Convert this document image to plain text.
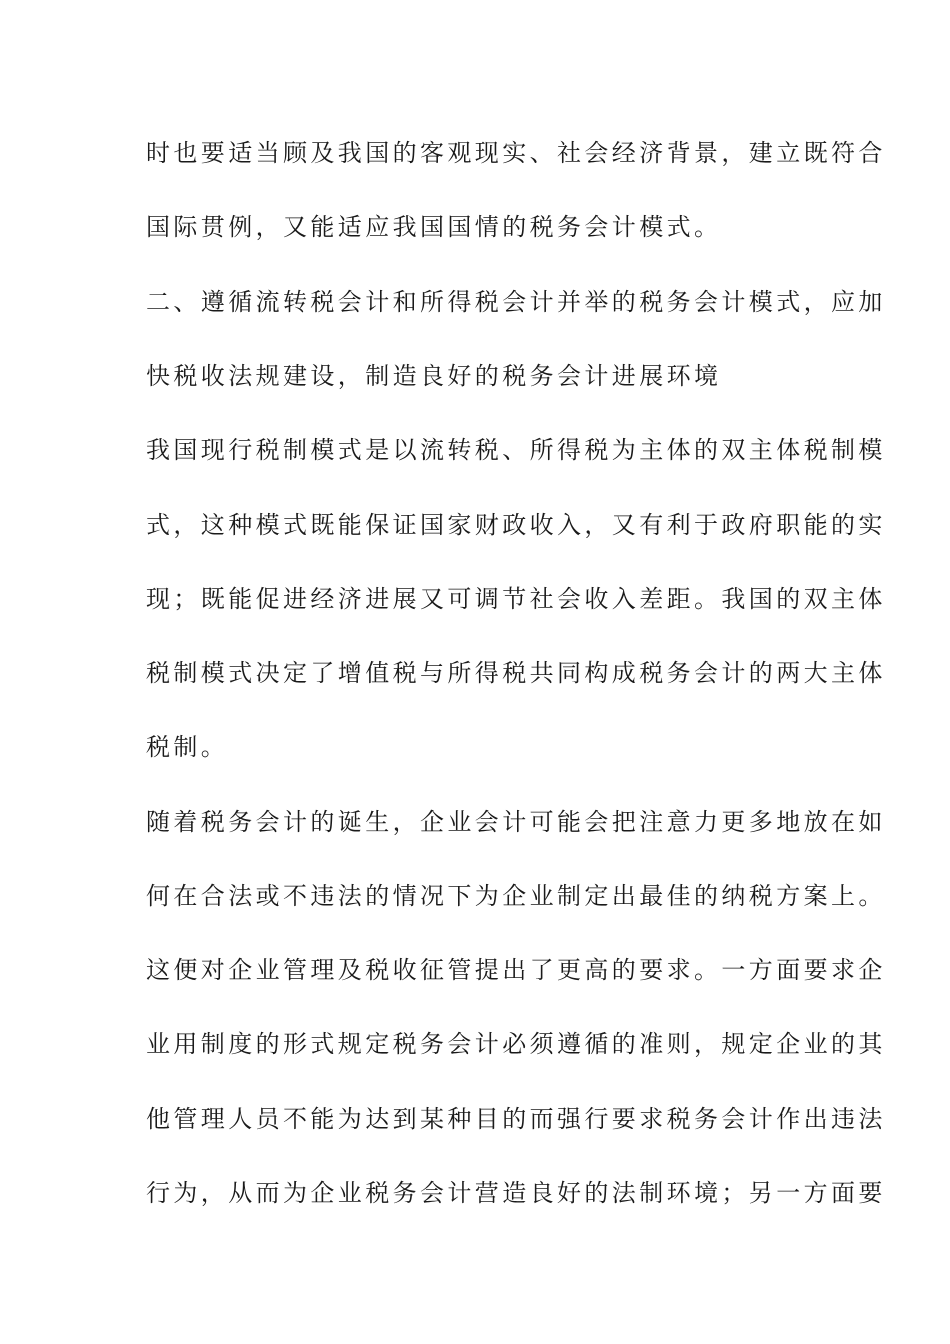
时也要适当顾及我国的客观现实、社会经济背景，建立既符合
国际贯例，又能适应我国国情的税务会计模式。
二、遵循流转税会计和所得税会计并举的税务会计模式，应加
快税收法规建设，制造良好的税务会计进展环境
我国现行税制模式是以流转税、所得税为主体的双主体税制模
式，这种模式既能保证国家财政收入，又有利于政府职能的实
现；既能促进经济进展又可调节社会收入差距。我国的双主体
税制模式决定了增值税与所得税共同构成税务会计的两大主体
税制。
随着税务会计的诞生，企业会计可能会把注意力更多地放在如
何在合法或不违法的情况下为企业制定出最佳的纳税方案上。
这便对企业管理及税收征管提出了更高的要求。一方面要求企
业用制度的形式规定税务会计必须遵循的准则，规定企业的其
他管理人员不能为达到某种目的而强行要求税务会计作出违法
行为，从而为企业税务会计营造良好的法制环境；另一方面要
